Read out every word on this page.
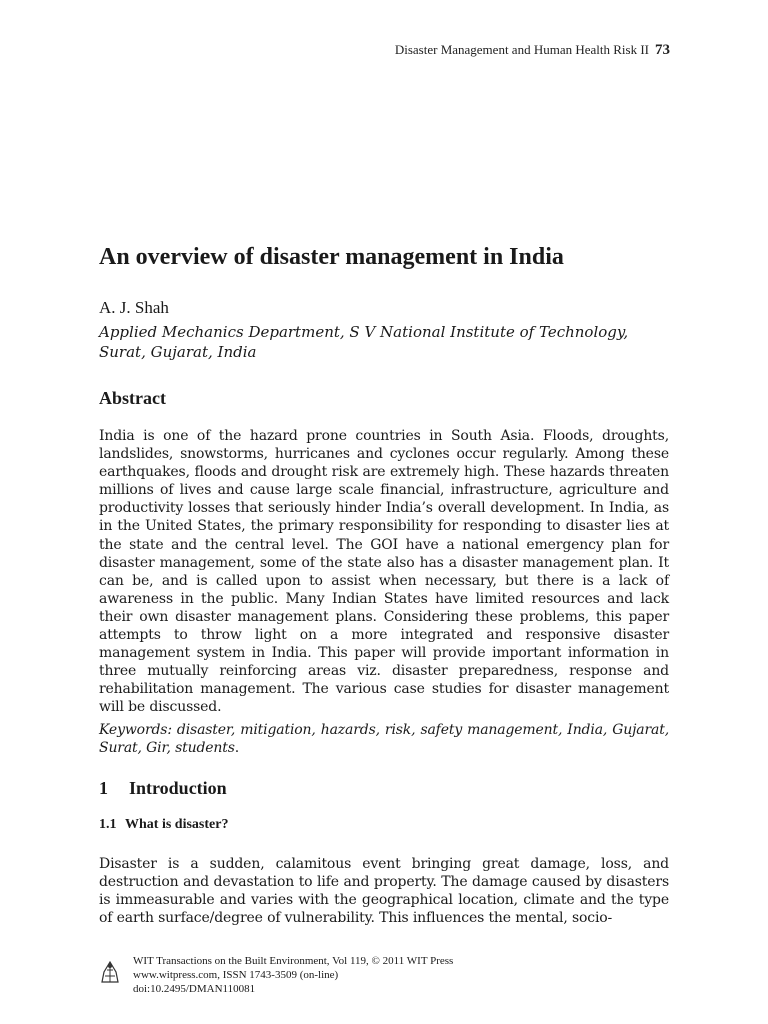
Disaster Management and Human Health Risk II 73
An overview of disaster management in India

A. J. Shah

Applied Mechanics Department, S V National Institute of Technology,
Surat, Gujarat, India

Abstract

India is one of the hazard prone countries in South Asia. Floods, droughts, landslides, snowstorms, hurricanes and cyclones occur regularly. Among these earthquakes, floods and drought risk are extremely high. These hazards threaten millions of lives and cause large scale financial, infrastructure, agriculture and productivity losses that seriously hinder India’s overall development. In India, as in the United States, the primary responsibility for responding to disaster lies at the state and the central level. The GOI have a national emergency plan for disaster management, some of the state also has a disaster management plan. It can be, and is called upon to assist when necessary, but there is a lack of awareness in the public. Many Indian States have limited resources and lack their own disaster management plans. Considering these problems, this paper attempts to throw light on a more integrated and responsive disaster management system in India. This paper will provide important information in three mutually reinforcing areas viz. disaster preparedness, response and rehabilitation management. The various case studies for disaster management will be discussed.

Keywords: disaster, mitigation, hazards, risk, safety management, India, Gujarat, Surat, Gir, students.

1 Introduction
1.1 What is disaster?

Disaster is a sudden, calamitous event bringing great damage, loss, and destruction and devastation to life and property. The damage caused by disasters is immeasurable and varies with the geographical location, climate and the type of earth surface/degree of vulnerability. This influences the mental, socio-

WIT Transactions on the Built Environment, Vol 119, © 2011 WIT Press
www.witpress.com, ISSN 1743-3509 (on-line)
doi:10.2495/DMAN110081
